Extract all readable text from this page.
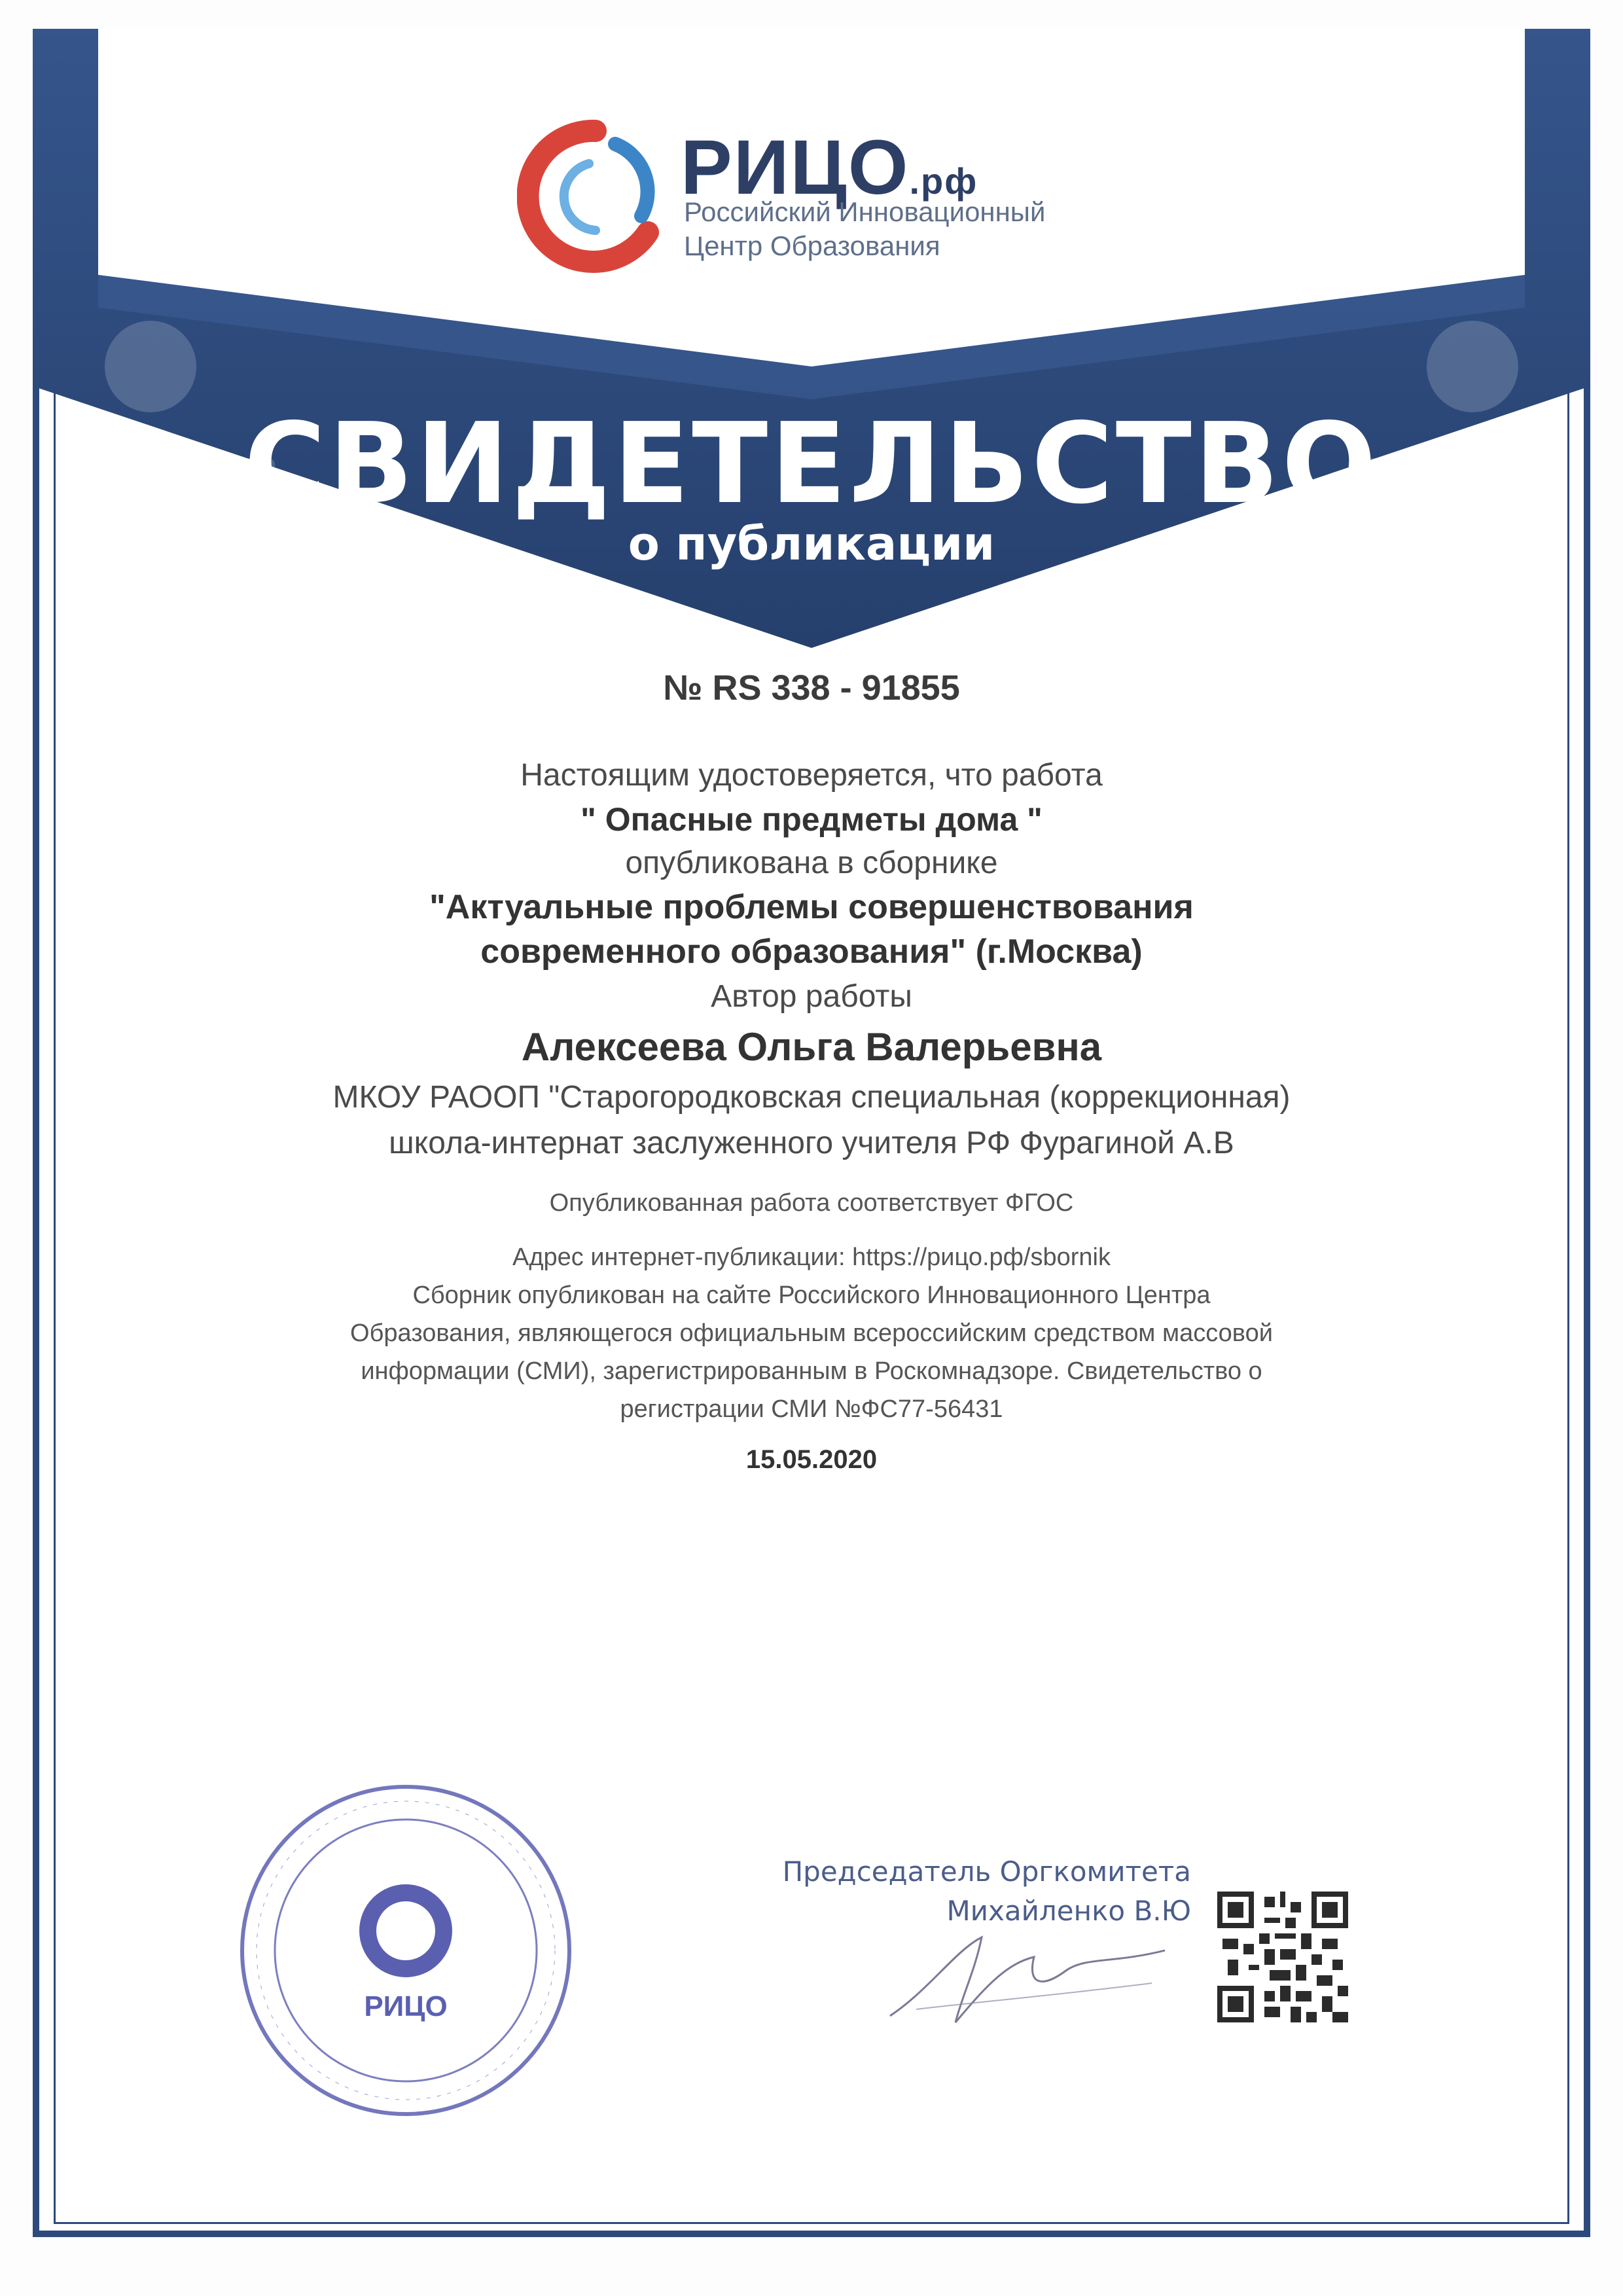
РИЦО.рф
Российский Инновационный
Центр Образования
СВИДЕТЕЛЬСТВО
о публикации
№ RS 338 - 91855
Настоящим удостоверяется, что работа
" Опасные предметы дома "
опубликована в сборнике
"Актуальные проблемы совершенствования
современного образования" (г.Москва)
Автор работы
Алексеева Ольга Валерьевна
МКОУ РАООП "Старогородковская специальная (коррекционная)
школа-интернат заслуженного учителя РФ Фурагиной А.В
Опубликованная работа соответствует ФГОС
Адрес интернет-публикации: https://рицо.рф/sbornik
Сборник опубликован на сайте Российского Инновационного Центра
Образования, являющегося официальным всероссийским средством массовой
информации (СМИ), зарегистрированным в Роскомнадзоре. Свидетельство о
регистрации СМИ №ФС77-56431
15.05.2020
РИЦО
Председатель Оргкомитета
Михайленко В.Ю
